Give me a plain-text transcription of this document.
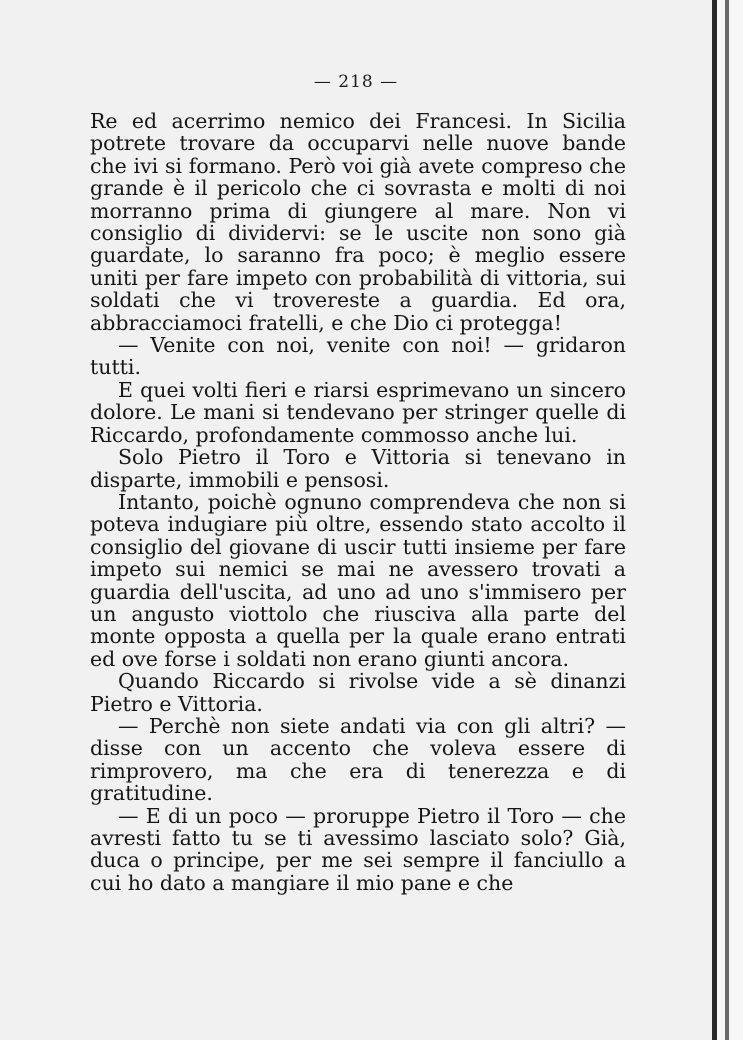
— 218 —

Re ed acerrimo nemico dei Francesi. In Sicilia potrete trovare da occuparvi nelle nuove bande che ivi si formano. Però voi già avete compreso che grande è il pericolo che ci sovrasta e molti di noi morranno prima di giungere al mare. Non vi consiglio di dividervi: se le uscite non sono già guardate, lo saranno fra poco; è meglio essere uniti per fare impeto con probabilità di vittoria, sui soldati che vi trovereste a guardia. Ed ora, abbracciamoci fratelli, e che Dio ci protegga!

— Venite con noi, venite con noi! — gridaron tutti.

E quei volti fieri e riarsi esprimevano un sincero dolore. Le mani si tendevano per stringer quelle di Riccardo, profondamente commosso anche lui.

Solo Pietro il Toro e Vittoria si tenevano in disparte, immobili e pensosi.

Intanto, poichè ognuno comprendeva che non si poteva indugiare più oltre, essendo stato accolto il consiglio del giovane di uscir tutti insieme per fare impeto sui nemici se mai ne avessero trovati a guardia dell'uscita, ad uno ad uno s'immisero per un angusto viottolo che riusciva alla parte del monte opposta a quella per la quale erano entrati ed ove forse i soldati non erano giunti ancora.

Quando Riccardo si rivolse vide a sè dinanzi Pietro e Vittoria.

— Perchè non siete andati via con gli altri? — disse con un accento che voleva essere di rimprovero, ma che era di tenerezza e di gratitudine.

— E di un poco — proruppe Pietro il Toro — che avresti fatto tu se ti avessimo lasciato solo? Già, duca o principe, per me sei sempre il fanciullo a cui ho dato a mangiare il mio pane e che
